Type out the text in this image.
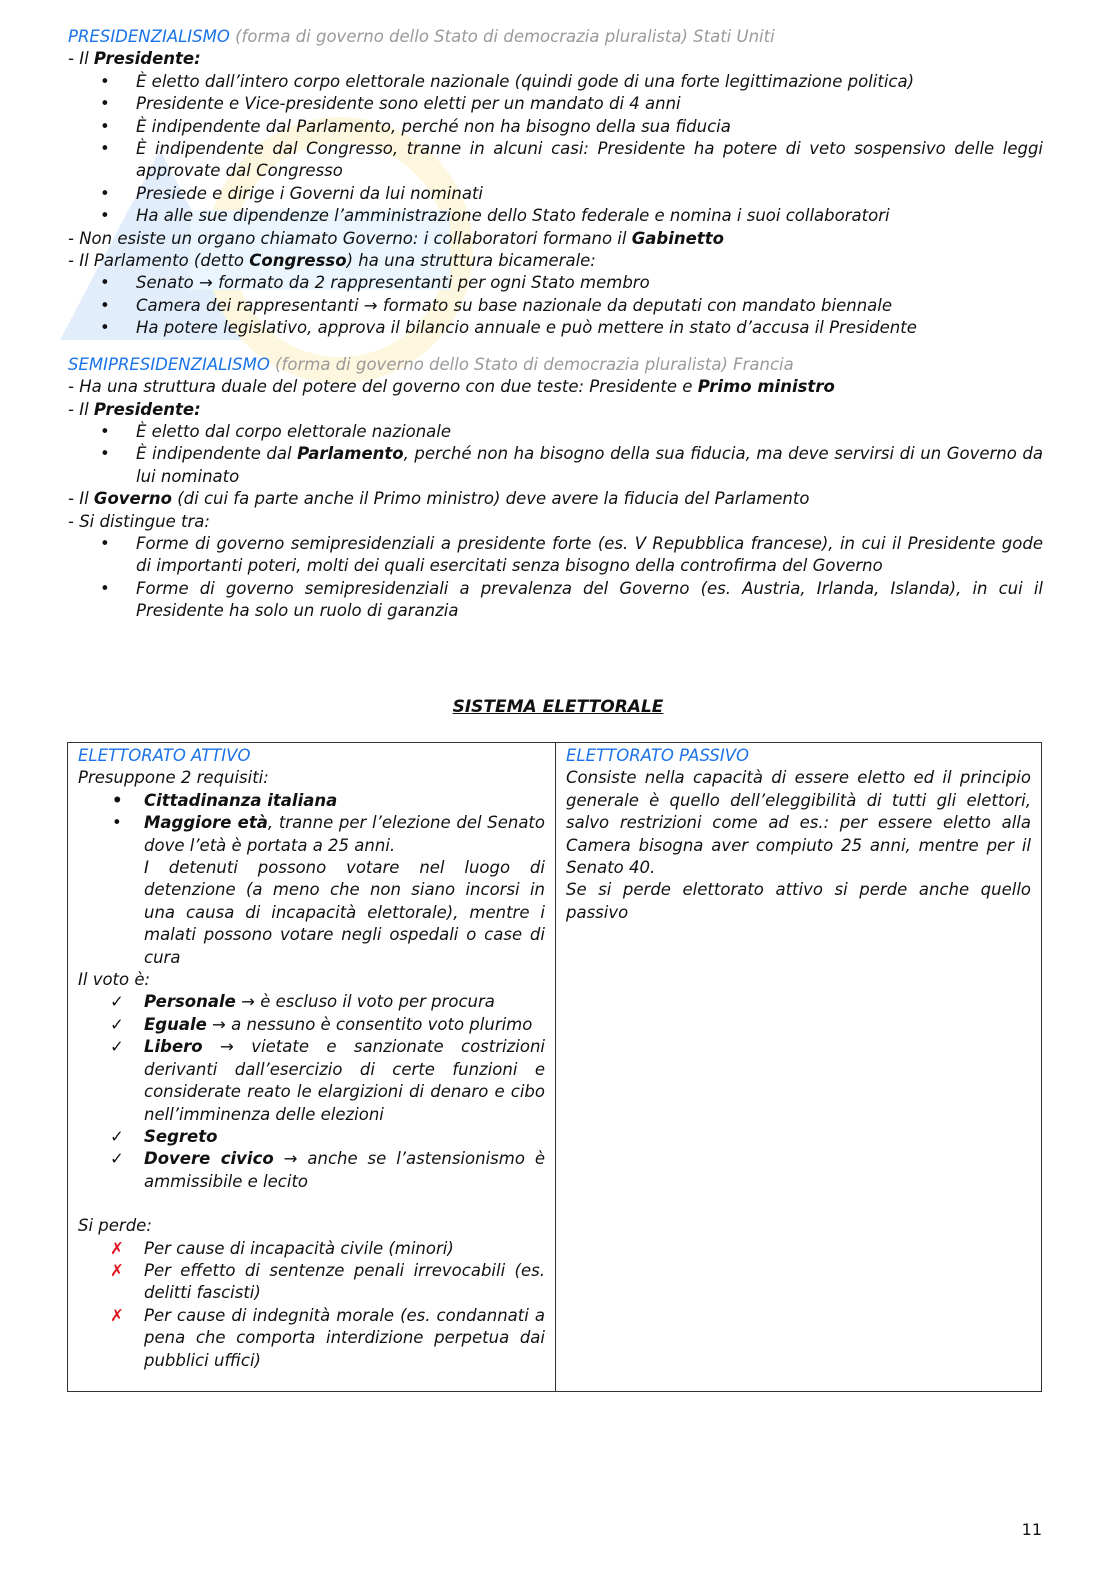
PRESIDENZIALISMO (forma di governo dello Stato di democrazia pluralista) Stati Uniti
- Il Presidente:
• È eletto dall’intero corpo elettorale nazionale (quindi gode di una forte legittimazione politica)
• Presidente e Vice-presidente sono eletti per un mandato di 4 anni
• È indipendente dal Parlamento, perché non ha bisogno della sua fiducia
• È indipendente dal Congresso, tranne in alcuni casi: Presidente ha potere di veto sospensivo delle leggi approvate dal Congresso
• Presiede e dirige i Governi da lui nominati
• Ha alle sue dipendenze l’amministrazione dello Stato federale e nomina i suoi collaboratori
- Non esiste un organo chiamato Governo: i collaboratori formano il Gabinetto
- Il Parlamento (detto Congresso) ha una struttura bicamerale:
• Senato → formato da 2 rappresentanti per ogni Stato membro
• Camera dei rappresentanti → formato su base nazionale da deputati con mandato biennale
• Ha potere legislativo, approva il bilancio annuale e può mettere in stato d’accusa il Presidente
SEMIPRESIDENZIALISMO (forma di governo dello Stato di democrazia pluralista) Francia
- Ha una struttura duale del potere del governo con due teste: Presidente e Primo ministro
- Il Presidente:
• È eletto dal corpo elettorale nazionale
• È indipendente dal Parlamento, perché non ha bisogno della sua fiducia, ma deve servirsi di un Governo da lui nominato
- Il Governo (di cui fa parte anche il Primo ministro) deve avere la fiducia del Parlamento
- Si distingue tra:
• Forme di governo semipresidenziali a presidente forte (es. V Repubblica francese), in cui il Presidente gode di importanti poteri, molti dei quali esercitati senza bisogno della controfirma del Governo
• Forme di governo semipresidenziali a prevalenza del Governo (es. Austria, Irlanda, Islanda), in cui il Presidente ha solo un ruolo di garanzia
SISTEMA ELETTORALE
ELETTORATO ATTIVO
Presuppone 2 requisiti:
• Cittadinanza italiana
• Maggiore età, tranne per l’elezione del Senato dove l’età è portata a 25 anni.
I detenuti possono votare nel luogo di detenzione (a meno che non siano incorsi in una causa di incapacità elettorale), mentre i malati possono votare negli ospedali o case di cura
Il voto è:
✓ Personale → è escluso il voto per procura
✓ Eguale → a nessuno è consentito voto plurimo
✓ Libero → vietate e sanzionate costrizioni derivanti dall’esercizio di certe funzioni e considerate reato le elargizioni di denaro e cibo nell’imminenza delle elezioni
✓ Segreto
✓ Dovere civico → anche se l’astensionismo è ammissibile e lecito
Si perde:
✗ Per cause di incapacità civile (minori)
✗ Per effetto di sentenze penali irrevocabili (es. delitti fascisti)
✗ Per cause di indegnità morale (es. condannati a pena che comporta interdizione perpetua dai pubblici uffici)

ELETTORATO PASSIVO
Consiste nella capacità di essere eletto ed il principio generale è quello dell’eleggibilità di tutti gli elettori, salvo restrizioni come ad es.: per essere eletto alla Camera bisogna aver compiuto 25 anni, mentre per il Senato 40.
Se si perde elettorato attivo si perde anche quello passivo
11
